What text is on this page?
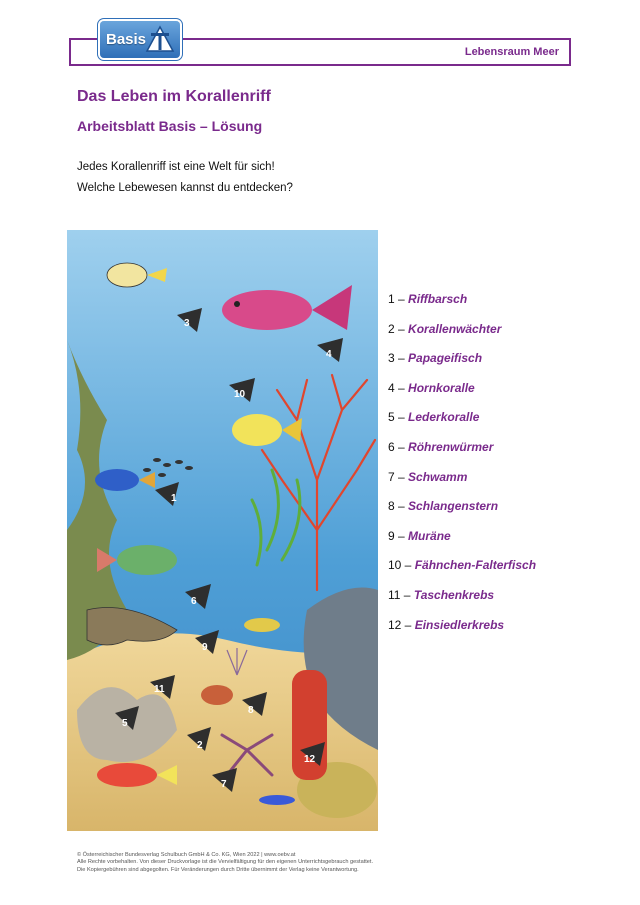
Lebensraum Meer
Basis
Das Leben im Korallenriff
Arbeitsblatt Basis – Lösung

Jedes Korallenriff ist eine Welt für sich!

Welche Lebewesen kannst du entdecken?

1
2
3
4
5
6
7
8
9
10
11
12
1 – Riffbarsch
2 – Korallenwächter
3 – Papageifisch
4 – Hornkoralle
5 – Lederkoralle
6 – Röhrenwürmer
7 – Schwamm
8 – Schlangenstern
9 – Muräne
10 – Fähnchen-Falterfisch
11 – Taschenkrebs
12 – Einsiedlerkrebs
© Österreichischer Bundesverlag Schulbuch GmbH & Co. KG, Wien 2022 | www.oebv.at
Alle Rechte vorbehalten. Von dieser Druckvorlage ist die Vervielfältigung für den eigenen Unterrichtsgebrauch gestattet.
Die Kopiergebühren sind abgegolten. Für Veränderungen durch Dritte übernimmt der Verlag keine Verantwortung.
